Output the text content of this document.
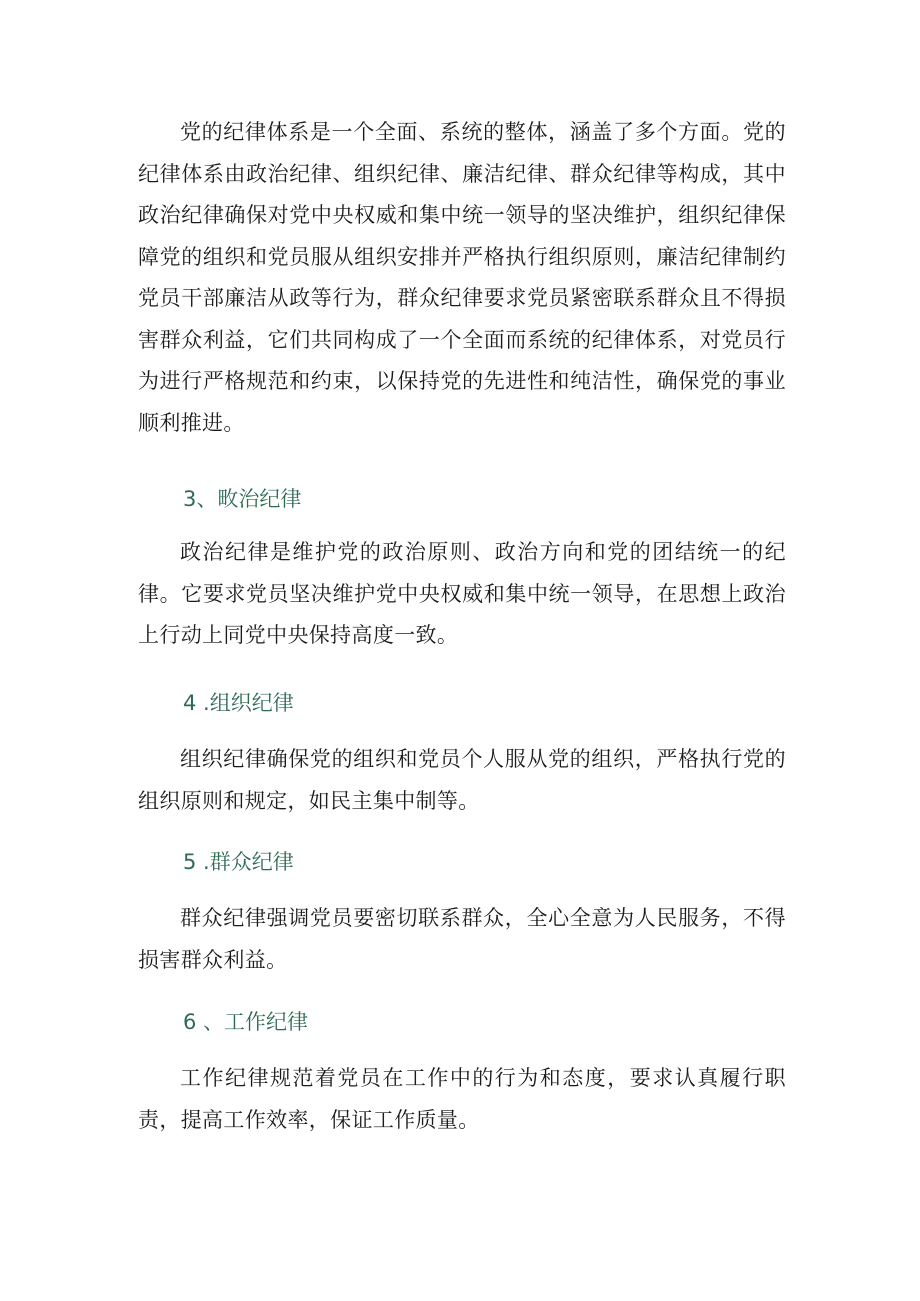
党的纪律体系是一个全面、系统的整体，涵盖了多个方面。党的纪律体系由政治纪律、组织纪律、廉洁纪律、群众纪律等构成，其中政治纪律确保对党中央权威和集中统一领导的坚决维护，组织纪律保障党的组织和党员服从组织安排并严格执行组织原则，廉洁纪律制约党员干部廉洁从政等行为，群众纪律要求党员紧密联系群众且不得损害群众利益，它们共同构成了一个全面而系统的纪律体系，对党员行为进行严格规范和约束，以保持党的先进性和纯洁性，确保党的事业顺利推进。

3、畋治纪律

政治纪律是维护党的政治原则、政治方向和党的团结统一的纪律。它要求党员坚决维护党中央权威和集中统一领导，在思想上政治上行动上同党中央保持高度一致。

4 .组织纪律

组织纪律确保党的组织和党员个人服从党的组织，严格执行党的组织原则和规定，如民主集中制等。

5 .群众纪律

群众纪律强调党员要密切联系群众，全心全意为人民服务，不得损害群众利益。

6 、工作纪律

工作纪律规范着党员在工作中的行为和态度，要求认真履行职责，提高工作效率，保证工作质量。
